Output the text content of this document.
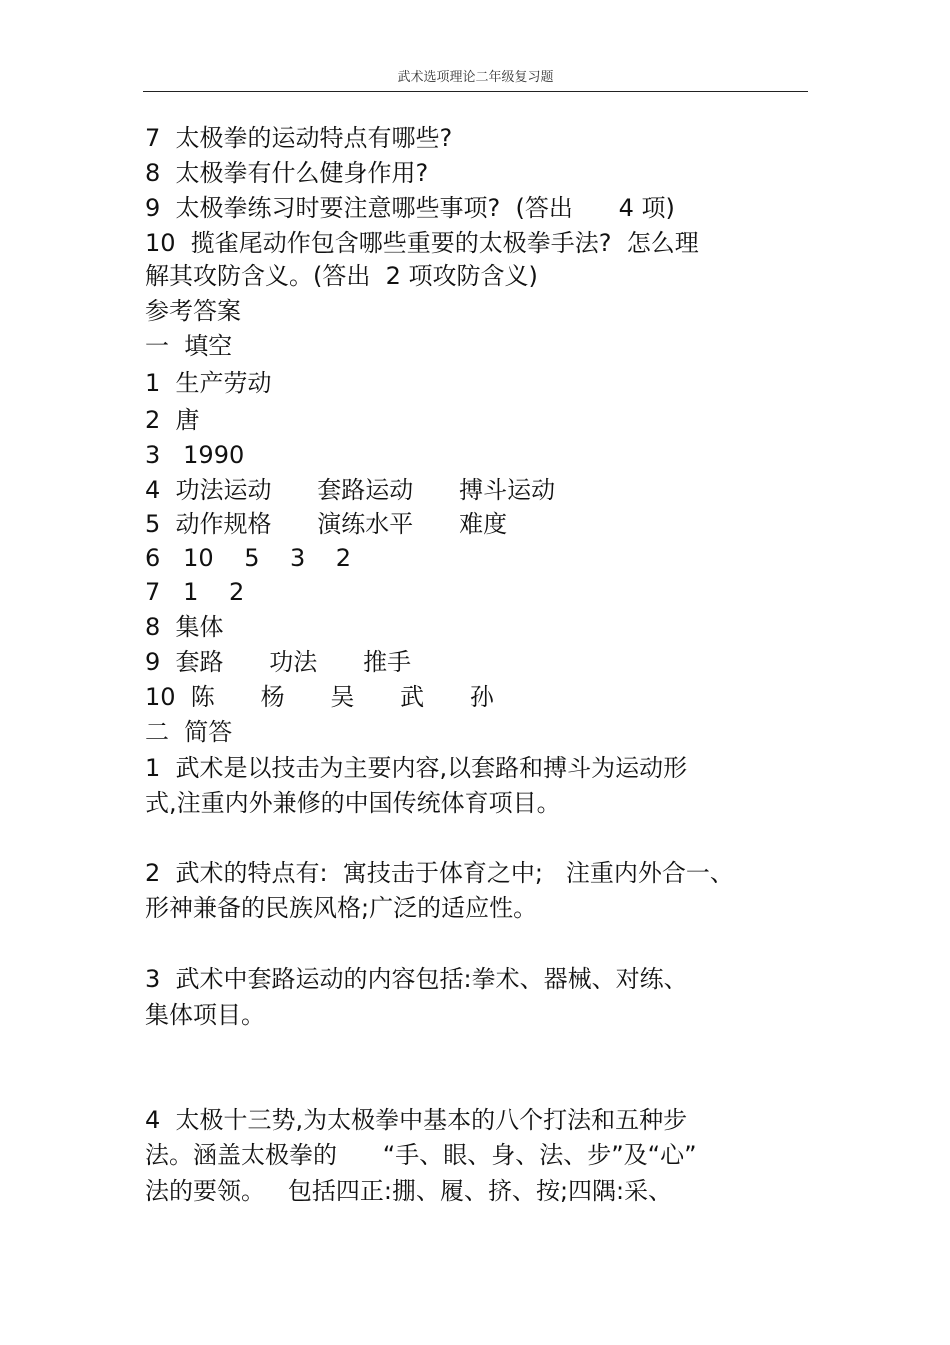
武术选项理论二年级复习题
7  太极拳的运动特点有哪些?
8  太极拳有什么健身作用?
9  太极拳练习时要注意哪些事项?  (答出      4 项)
10  揽雀尾动作包含哪些重要的太极拳手法?  怎么理
解其攻防含义。(答出  2 项攻防含义)
参考答案
一  填空
1  生产劳动
2  唐
3   1990
4  功法运动      套路运动      搏斗运动
5  动作规格      演练水平      难度
6   10    5    3    2
7   1    2
8  集体
9  套路      功法      推手
10  陈      杨      吴      武      孙
二  简答
1  武术是以技击为主要内容,以套路和搏斗为运动形
式,注重内外兼修的中国传统体育项目。
2  武术的特点有:  寓技击于体育之中;   注重内外合一、
形神兼备的民族风格;广泛的适应性。
3  武术中套路运动的内容包括:拳术、器械、对练、
集体项目。
4  太极十三势,为太极拳中基本的八个打法和五种步
法。涵盖太极拳的      “手、眼、身、法、步”及“心”
法的要领。   包括四正:掤、履、挤、按;四隅:采、
